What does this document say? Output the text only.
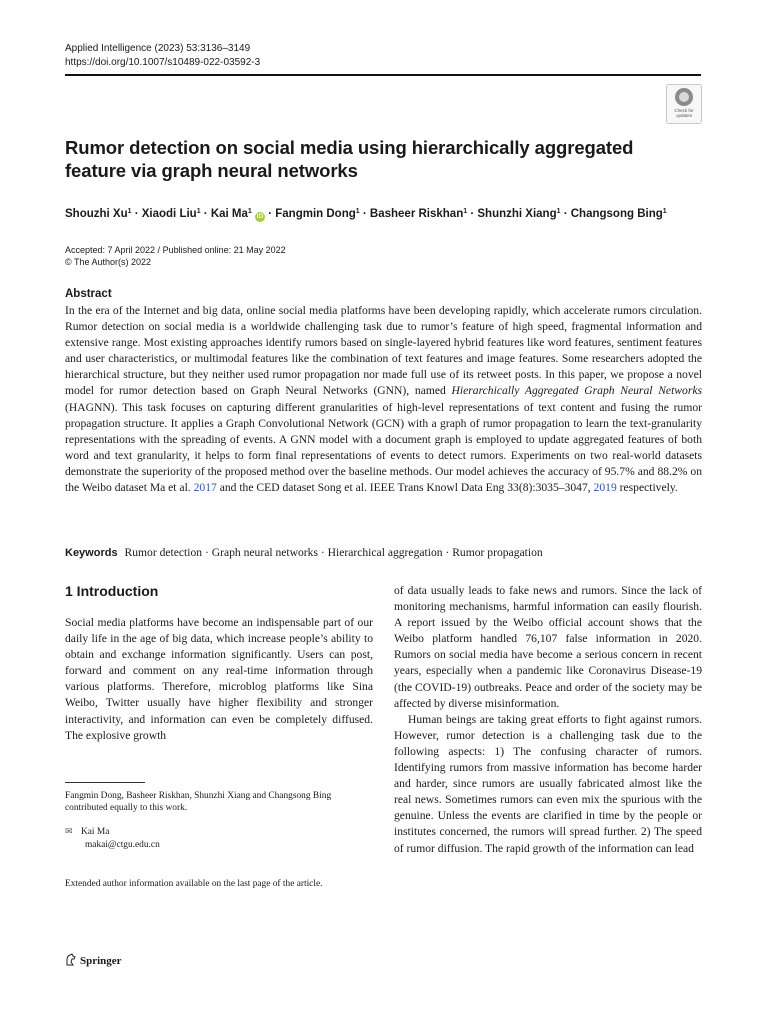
Applied Intelligence (2023) 53:3136–3149
https://doi.org/10.1007/s10489-022-03592-3
Check for
updates
Rumor detection on social media using hierarchically aggregated feature via graph neural networks
Shouzhi $Xu^1$ · Xiaodi Liu$^1$ · Kai Ma$^1$ iD · Fangmin Dong$^1$ · Basheer Riskhan$^1$ · Shunzhi Xiang$^1$ · Changsong Bing$^1$
Accepted: 7 April 2022 / Published online: 21 May 2022
© The Author(s) 2022
Abstract

In the era of the Internet and big data, online social media platforms have been developing rapidly, which accelerate rumors circulation. Rumor detection on social media is a worldwide challenging task due to rumor’s feature of high speed, fragmental information and extensive range. Most existing approaches identify rumors based on single-layered hybrid features like word features, sentiment features and user characteristics, or multimodal features like the combination of text features and image features. Some researchers adopted the hierarchical structure, but they neither used rumor propagation nor made full use of its retweet posts. In this paper, we propose a novel model for rumor detection based on Graph Neural Networks (GNN), named Hierarchically Aggregated Graph Neural Networks (HAGNN). This task focuses on capturing different granularities of high-level representations of text content and fusing the rumor propagation structure. It applies a Graph Convolutional Network (GCN) with a graph of rumor propagation to learn the text-granularity representations with the spreading of events. A GNN model with a document graph is employed to update aggregated features of both word and text granularity, it helps to form final representations of events to detect rumors. Experiments on two real-world datasets demonstrate the superiority of the proposed method over the baseline methods. Our model achieves the accuracy of 95.7% and 88.2% on the Weibo dataset Ma et al. 2017 and the CED dataset Song et al. IEEE Trans Knowl Data Eng 33(8):3035–3047, 2019 respectively.

Keywords Rumor detection · Graph neural networks · Hierarchical aggregation · Rumor propagation
1 Introduction

Social media platforms have become an indispensable part of our daily life in the age of big data, which increase people’s ability to obtain and exchange information significantly. Users can post, forward and comment on any real-time information through various platforms. Therefore, microblog platforms like Sina Weibo, Twitter usually have higher flexibility and stronger interactivity, and information can even be completely diffused. The explosive growth

of data usually leads to fake news and rumors. Since the lack of monitoring mechanisms, harmful information can easily flourish. A report issued by the Weibo official account shows that the Weibo platform handled 76,107 false information in 2020. Rumors on social media have become a serious concern in recent years, especially when a pandemic like Coronavirus Disease-19 (the COVID-19) outbreaks. Peace and order of the society may be affected by diverse misinformation.

Human beings are taking great efforts to fight against rumors. However, rumor detection is a challenging task due to the following aspects: 1) The confusing character of rumors. Identifying rumors from massive information has become harder and harder, since rumors are usually fabricated almost like the real news. Sometimes rumors can even mix the spurious with the genuine. Unless the events are clarified in time by the people or institutes concerned, the rumors will spread further. 2) The speed of rumor diffusion. The rapid growth of the information can lead

Fangmin Dong, Basheer Riskhan, Shunzhi Xiang and Changsong Bing contributed equally to this work.
✉ Kai Ma
makai@ctgu.edu.cn
Extended author information available on the last page of the article.
Springer
